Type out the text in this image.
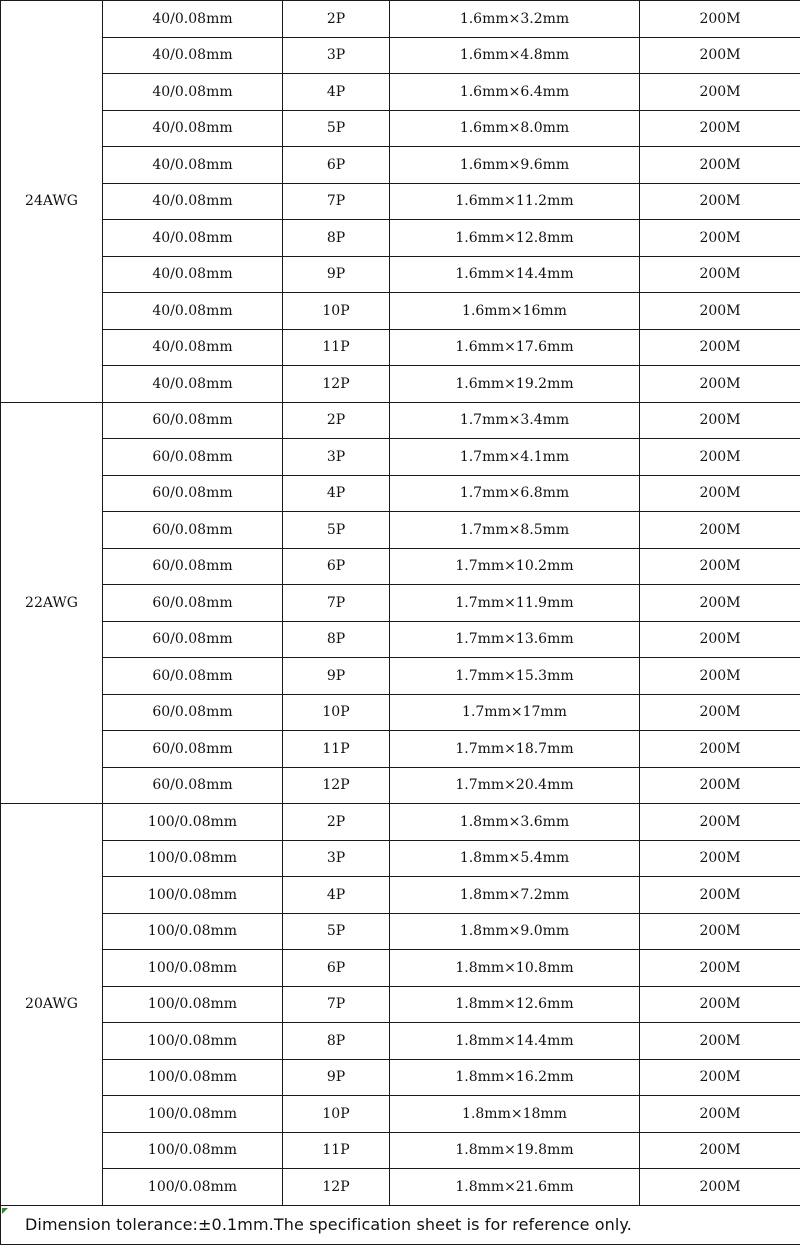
24AWG	40/0.08mm	2P	1.6mm×3.2mm	200M
	40/0.08mm	3P	1.6mm×4.8mm	200M
	40/0.08mm	4P	1.6mm×6.4mm	200M
	40/0.08mm	5P	1.6mm×8.0mm	200M
	40/0.08mm	6P	1.6mm×9.6mm	200M
	40/0.08mm	7P	1.6mm×11.2mm	200M
	40/0.08mm	8P	1.6mm×12.8mm	200M
	40/0.08mm	9P	1.6mm×14.4mm	200M
	40/0.08mm	10P	1.6mm×16mm	200M
	40/0.08mm	11P	1.6mm×17.6mm	200M
	40/0.08mm	12P	1.6mm×19.2mm	200M
22AWG	60/0.08mm	2P	1.7mm×3.4mm	200M
	60/0.08mm	3P	1.7mm×4.1mm	200M
	60/0.08mm	4P	1.7mm×6.8mm	200M
	60/0.08mm	5P	1.7mm×8.5mm	200M
	60/0.08mm	6P	1.7mm×10.2mm	200M
	60/0.08mm	7P	1.7mm×11.9mm	200M
	60/0.08mm	8P	1.7mm×13.6mm	200M
	60/0.08mm	9P	1.7mm×15.3mm	200M
	60/0.08mm	10P	1.7mm×17mm	200M
	60/0.08mm	11P	1.7mm×18.7mm	200M
	60/0.08mm	12P	1.7mm×20.4mm	200M
20AWG	100/0.08mm	2P	1.8mm×3.6mm	200M
	100/0.08mm	3P	1.8mm×5.4mm	200M
	100/0.08mm	4P	1.8mm×7.2mm	200M
	100/0.08mm	5P	1.8mm×9.0mm	200M
	100/0.08mm	6P	1.8mm×10.8mm	200M
	100/0.08mm	7P	1.8mm×12.6mm	200M
	100/0.08mm	8P	1.8mm×14.4mm	200M
	100/0.08mm	9P	1.8mm×16.2mm	200M
	100/0.08mm	10P	1.8mm×18mm	200M
	100/0.08mm	11P	1.8mm×19.8mm	200M
	100/0.08mm	12P	1.8mm×21.6mm	200M
Dimension tolerance:±0.1mm.The specification sheet is for reference only.				
